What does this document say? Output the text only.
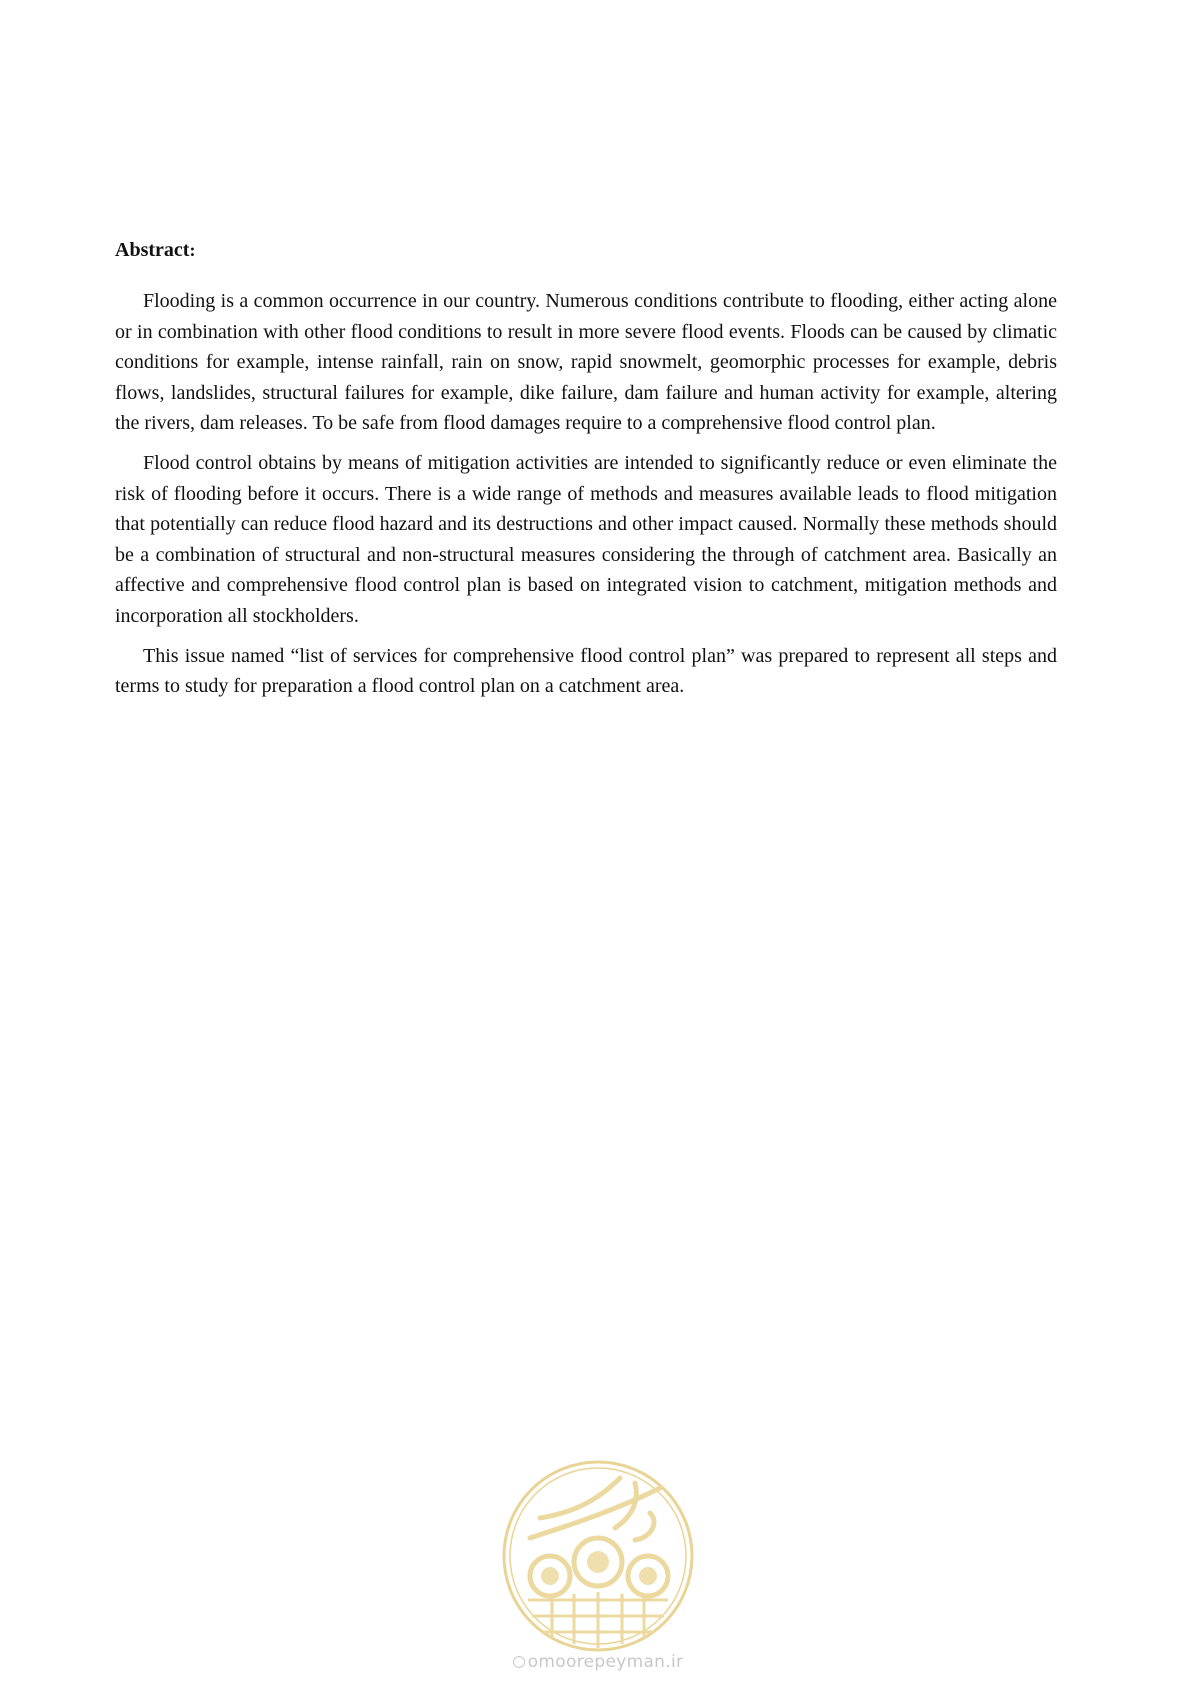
Abstract:

Flooding is a common occurrence in our country. Numerous conditions contribute to flooding, either acting alone or in combination with other flood conditions to result in more severe flood events. Floods can be caused by climatic conditions for example, intense rainfall, rain on snow, rapid snowmelt, geomorphic processes for example, debris flows, landslides, structural failures for example, dike failure, dam failure and human activity for example, altering the rivers, dam releases. To be safe from flood damages require to a comprehensive flood control plan.

Flood control obtains by means of mitigation activities are intended to significantly reduce or even eliminate the risk of flooding before it occurs. There is a wide range of methods and measures available leads to flood mitigation that potentially can reduce flood hazard and its destructions and other impact caused. Normally these methods should be a combination of structural and non-structural measures considering the through of catchment area. Basically an affective and comprehensive flood control plan is based on integrated vision to catchment, mitigation methods and incorporation all stockholders.

This issue named “list of services for comprehensive flood control plan” was prepared to represent all steps and terms to study for preparation a flood control plan on a catchment area.

omoorepeyman.ir
